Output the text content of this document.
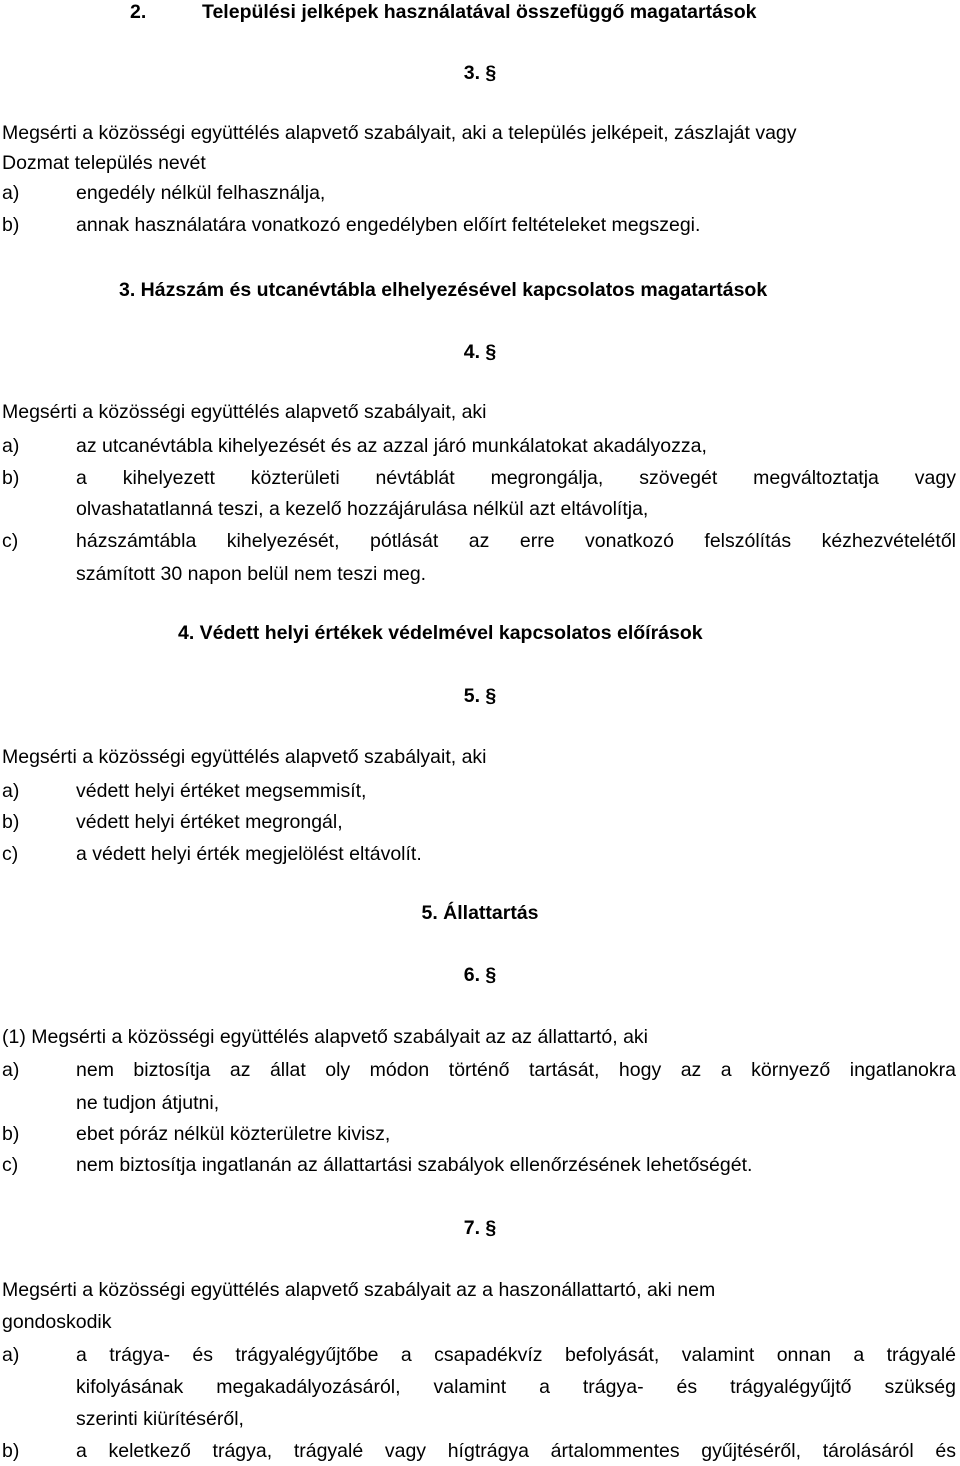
2.	Települési jelképek használatával összefüggő magatartások
3. §
Megsérti a közösségi együttélés alapvető szabályait, aki a település jelképeit, zászlaját vagy
Dozmat település nevét
a)	engedély nélkül felhasználja,
b)	annak használatára vonatkozó engedélyben előírt feltételeket megszegi.
3. Házszám és utcanévtábla elhelyezésével kapcsolatos magatartások
4. §
Megsérti a közösségi együttélés alapvető szabályait, aki
a)	az utcanévtábla kihelyezését és az azzal járó munkálatokat akadályozza,
b)	a kihelyezett közterületi névtáblát megrongálja, szövegét megváltoztatja vagy
olvashatatlanná teszi, a kezelő hozzájárulása nélkül azt eltávolítja,
c)	házszámtábla kihelyezését, pótlását az erre vonatkozó felszólítás kézhezvételétől
számított 30 napon belül nem teszi meg.
4. Védett helyi értékek védelmével kapcsolatos előírások
5. §
Megsérti a közösségi együttélés alapvető szabályait, aki
a)	védett helyi értéket megsemmisít,
b)	védett helyi értéket megrongál,
c)	a védett helyi érték megjelölést eltávolít.
5. Állattartás
6. §
(1) Megsérti a közösségi együttélés alapvető szabályait az az állattartó, aki
a)	nem biztosítja az állat oly módon történő tartását, hogy az a környező ingatlanokra
ne tudjon átjutni,
b)	ebet póráz nélkül közterületre kivisz,
c)	nem biztosítja ingatlanán az állattartási szabályok ellenőrzésének lehetőségét.
7. §
Megsérti a közösségi együttélés alapvető szabályait az a haszonállattartó, aki nem
gondoskodik
a)	a trágya- és trágyalégyűjtőbe a csapadékvíz befolyását, valamint onnan a trágyalé
kifolyásának megakadályozásáról, valamint a trágya- és trágyalégyűjtő szükség
szerinti kiürítéséről,
b)	a keletkező trágya, trágyalé vagy hígtrágya ártalommentes gyűjtéséről, tárolásáról és
